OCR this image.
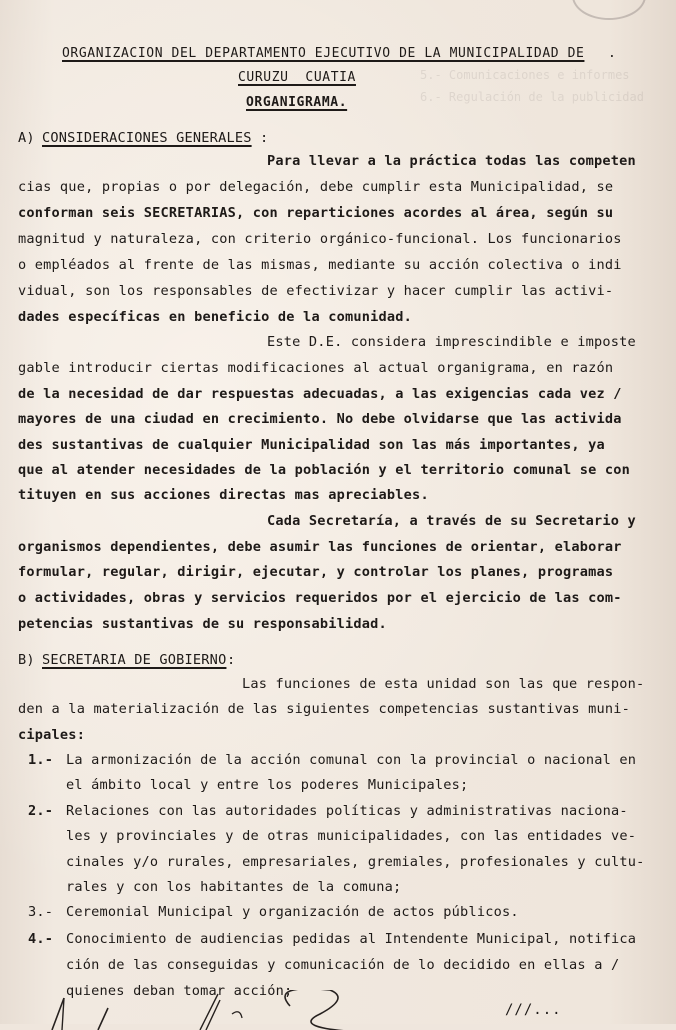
5.- Comunicaciones e informes
6.- Regulación de la publicidad
ORGANIZACION DEL DEPARTAMENTO EJECUTIVO DE LA MUNICIPALIDAD DE .
CURUZU  CUATIA
ORGANIGRAMA.
A) CONSIDERACIONES GENERALES :
Para llevar a la práctica todas las competen
cias que, propias o por delegación, debe cumplir esta Municipalidad, se
conforman seis SECRETARIAS, con reparticiones acordes al área, según su
magnitud y naturaleza, con criterio orgánico-funcional. Los funcionarios
o empléados al frente de las mismas, mediante su acción colectiva o indi
vidual, son los responsables de efectivizar y hacer cumplir las activi-
dades específicas en beneficio de la comunidad.
Este D.E. considera imprescindible e imposte
gable introducir ciertas modificaciones al actual organigrama, en razón
de la necesidad de dar respuestas adecuadas, a las exigencias cada vez /
mayores de una ciudad en crecimiento. No debe olvidarse que las activida
des sustantivas de cualquier Municipalidad son las más importantes, ya
que al atender necesidades de la población y el territorio comunal se con
tituyen en sus acciones directas mas apreciables.
Cada Secretaría, a través de su Secretario y
organismos dependientes, debe asumir las funciones de orientar, elaborar
formular, regular, dirigir, ejecutar, y controlar los planes, programas
o actividades, obras y servicios requeridos por el ejercicio de las com-
petencias sustantivas de su responsabilidad.
B) SECRETARIA DE GOBIERNO :
Las funciones de esta unidad son las que respon-
den a la materialización de las siguientes competencias sustantivas muni-
cipales:
1.- La armonización de la acción comunal con la provincial o nacional en
el ámbito local y entre los poderes Municipales;
2.- Relaciones con las autoridades políticas y administrativas naciona-
les y provinciales y de otras municipalidades, con las entidades ve-
cinales y/o rurales, empresariales, gremiales, profesionales y cultu-
rales y con los habitantes de la comuna;
3.- Ceremonial Municipal y organización de actos públicos.
4.- Conocimiento de audiencias pedidas al Intendente Municipal, notifica
ción de las conseguidas y comunicación de lo decidido en ellas a /
quienes deban tomar acción;
///...
